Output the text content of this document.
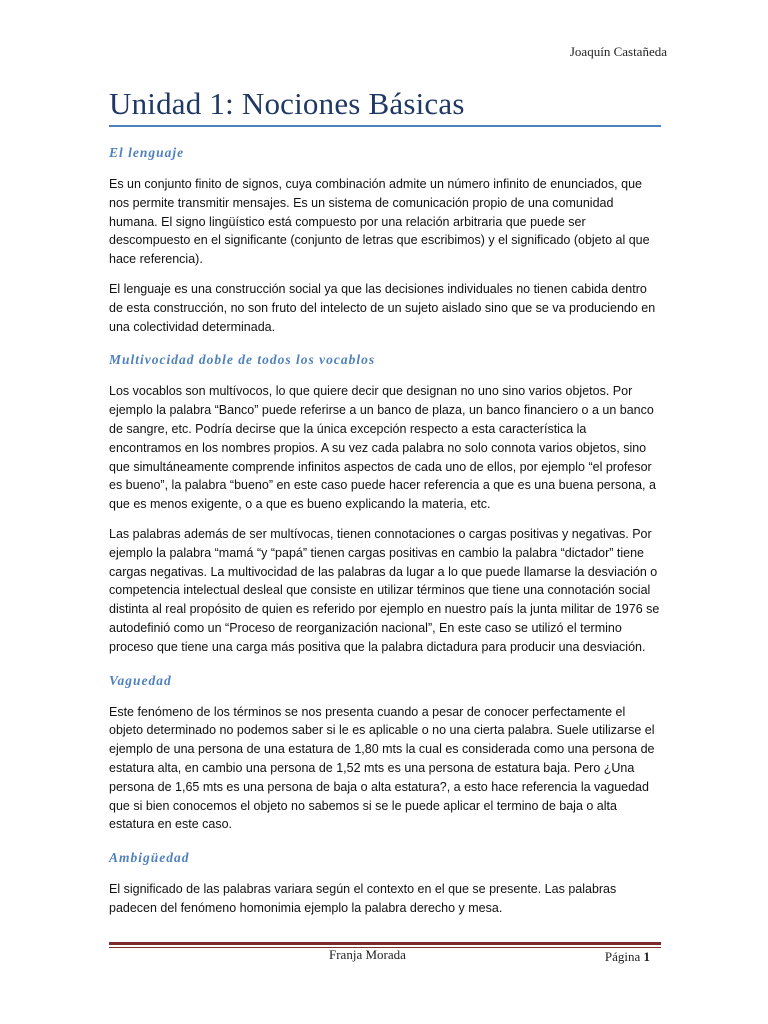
Joaquín Castañeda
Unidad 1: Nociones Básicas
El lenguaje

Es un conjunto finito de signos, cuya combinación admite un número infinito de enunciados, que nos permite transmitir mensajes. Es un sistema de comunicación propio de una comunidad humana. El signo lingüístico está compuesto por una relación arbitraria que puede ser descompuesto en el significante (conjunto de letras que escribimos) y el significado (objeto al que hace referencia).

El lenguaje es una construcción social ya que las decisiones individuales no tienen cabida dentro de esta construcción, no son fruto del intelecto de un sujeto aislado sino que se va produciendo en una colectividad determinada.

Multivocidad doble de todos los vocablos

Los vocablos son multívocos, lo que quiere decir que designan no uno sino varios objetos. Por ejemplo la palabra “Banco” puede referirse a un banco de plaza, un banco financiero o a un banco de sangre, etc. Podría decirse que la única excepción respecto a esta característica la encontramos en los nombres propios. A su vez cada palabra no solo connota varios objetos, sino que simultáneamente comprende infinitos aspectos de cada uno de ellos, por ejemplo “el profesor es bueno”, la palabra “bueno” en este caso puede hacer referencia a que es una buena persona, a que es menos exigente, o a que es bueno explicando la materia, etc.

Las palabras además de ser multívocas, tienen connotaciones o cargas positivas y negativas. Por ejemplo la palabra “mamá “y “papá” tienen cargas positivas en cambio la palabra “dictador” tiene cargas negativas. La multivocidad de las palabras da lugar a lo que puede llamarse la desviación o competencia intelectual desleal que consiste en utilizar términos que tiene una connotación social distinta al real propósito de quien es referido por ejemplo en nuestro país la junta militar de 1976 se autodefinió como un “Proceso de reorganización nacional”, En este caso se utilizó el termino proceso que tiene una carga más positiva que la palabra dictadura para producir una desviación.

Vaguedad

Este fenómeno de los términos se nos presenta cuando a pesar de conocer perfectamente el objeto determinado no podemos saber si le es aplicable o no una cierta palabra. Suele utilizarse el ejemplo de una persona de una estatura de 1,80 mts la cual es considerada como una persona de estatura alta, en cambio una persona de 1,52 mts es una persona de estatura baja. Pero ¿Una persona de 1,65 mts es una persona de baja o alta estatura?, a esto hace referencia la vaguedad que si bien conocemos el objeto no sabemos si se le puede aplicar el termino de baja o alta estatura en este caso.

Ambigüedad

El significado de las palabras variara según el contexto en el que se presente. Las palabras padecen del fenómeno homonimia ejemplo la palabra derecho y mesa.

Franja Morada	Página 1
